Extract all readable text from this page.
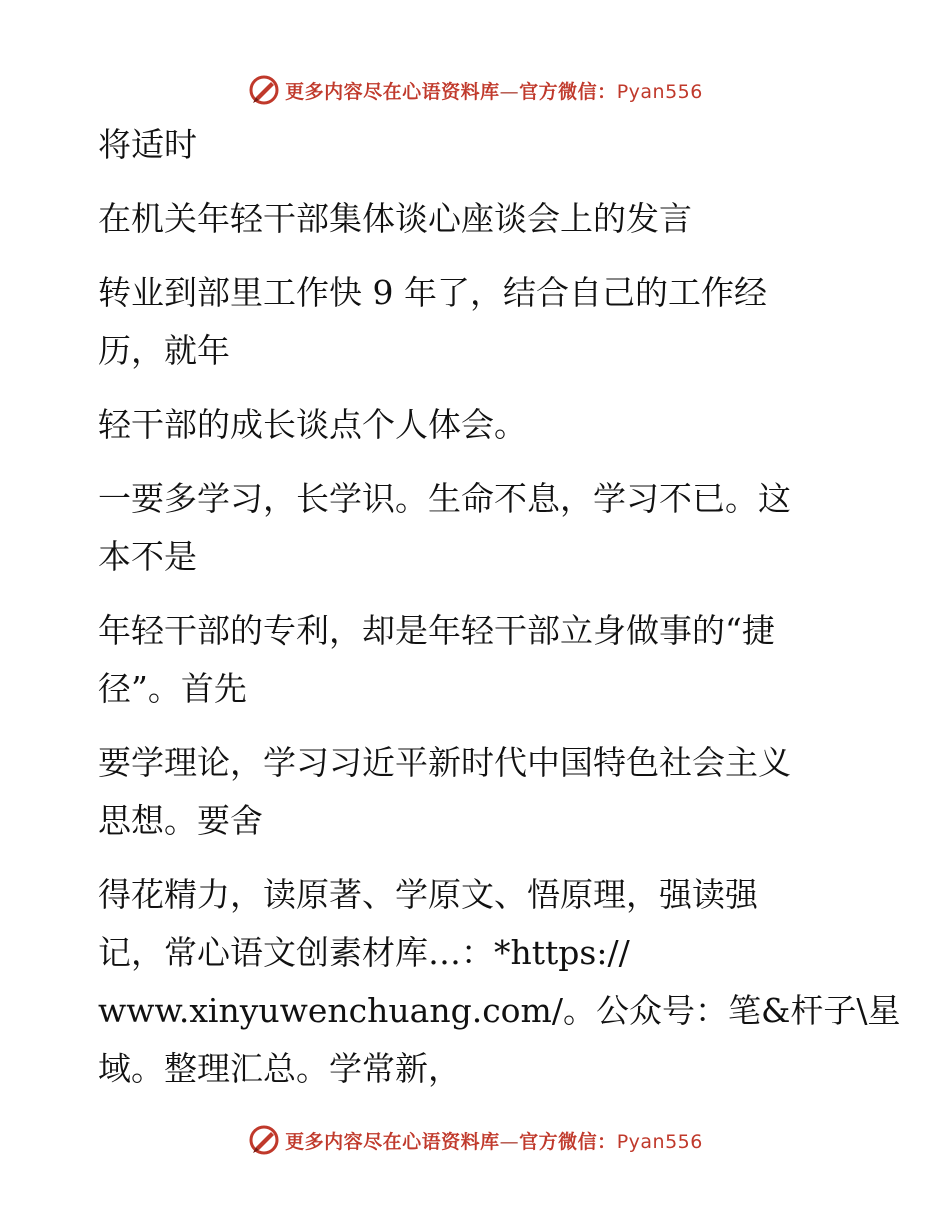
更多内容尽在心语资料库—官方微信：Pyan556

将适时

在机关年轻干部集体谈心座谈会上的发言

转业到部里工作快 9 年了，结合自己的工作经

历，就年

轻干部的成长谈点个人体会。

一要多学习，长学识。生命不息，学习不已。这

本不是

年轻干部的专利，却是年轻干部立身做事的“捷

径”。首先

要学理论，学习习近平新时代中国特色社会主义

思想。要舍

得花精力，读原著、学原文、悟原理，强读强

记，常心语文创素材库…：*https://

www.xinyuwenchuang.com/。公众号：笔&杆子\星

域。整理汇总。学常新，

更多内容尽在心语资料库—官方微信：Pyan556
